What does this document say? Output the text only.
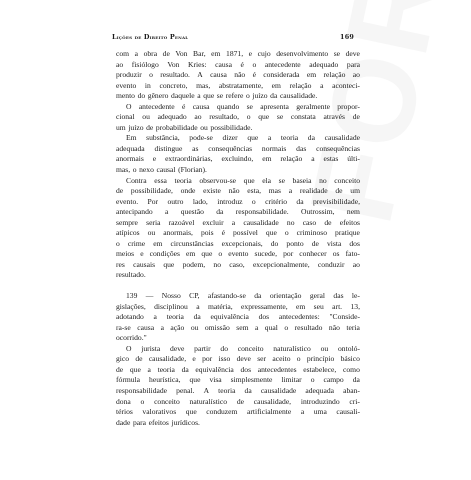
Lições de Direito Penal	169
com a obra de Von Bar, em 1871, e cujo desenvolvimento se deve
ao fisiólogo Von Kries: causa é o antecedente adequado para
produzir o resultado. A causa não é considerada em relação ao
evento in concreto, mas, abstratamente, em relação a aconteci-
mento do gênero daquele a que se refere o juízo da causalidade.
O antecedente é causa quando se apresenta geralmente propor-
cional ou adequado ao resultado, o que se constata através de
um juízo de probabilidade ou possibilidade.
Em substância, pode-se dizer que a teoria da causalidade
adequada distingue as consequências normais das consequências
anormais e extraordinárias, excluindo, em relação a estas últi-
mas, o nexo causal (Florian).
Contra essa teoria observou-se que ela se baseia no conceito
de possibilidade, onde existe não esta, mas a realidade de um
evento. Por outro lado, introduz o critério da previsibilidade,
antecipando a questão da responsabilidade. Outrossim, nem
sempre seria razoável excluir a causalidade no caso de efeitos
atípicos ou anormais, pois é possível que o criminoso pratique
o crime em circunstâncias excepcionais, do ponto de vista dos
meios e condições em que o evento sucede, por conhecer os fato-
res causais que podem, no caso, excepcionalmente, conduzir ao
resultado.
139 — Nosso CP, afastando-se da orientação geral das le-
gislações, disciplinou a matéria, expressamente, em seu art. 13,
adotando a teoria da equivalência dos antecedentes: "Conside-
ra-se causa a ação ou omissão sem a qual o resultado não teria
ocorrido."
O jurista deve partir do conceito naturalístico ou ontoló-
gico de causalidade, e por isso deve ser aceito o princípio básico
de que a teoria da equivalência dos antecedentes estabelece, como
fórmula heurística, que visa simplesmente limitar o campo da
responsabilidade penal. A teoria da causalidade adequada aban-
dona o conceito naturalístico de causalidade, introduzindo cri-
térios valorativos que conduzem artificialmente a uma causali-
dade para efeitos jurídicos.
